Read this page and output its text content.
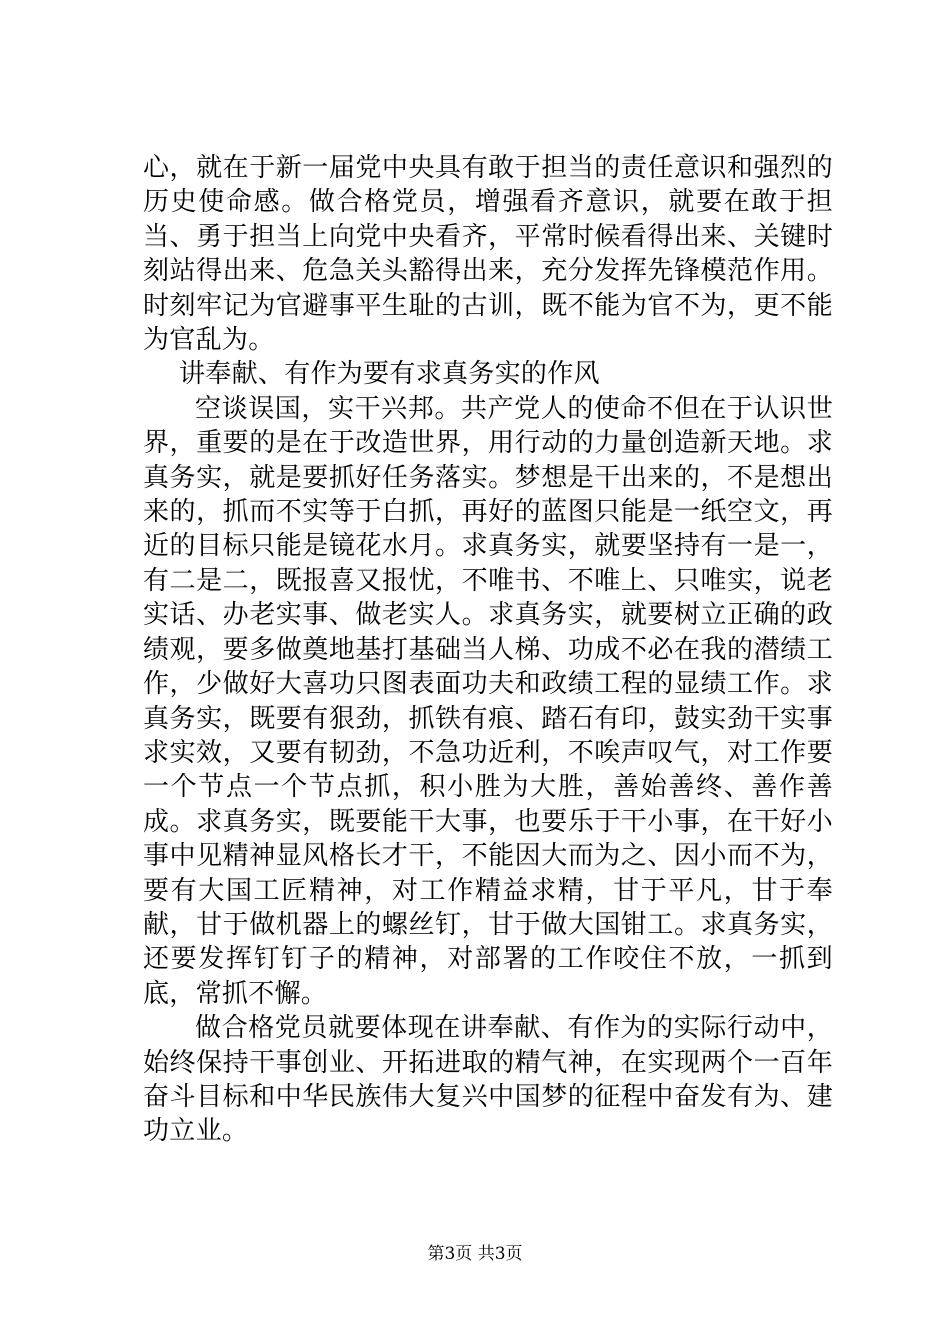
心，就在于新一届党中央具有敢于担当的责任意识和强烈的历史使命感。做合格党员，增强看齐意识，就要在敢于担当、勇于担当上向党中央看齐，平常时候看得出来、关键时刻站得出来、危急关头豁得出来，充分发挥先锋模范作用。时刻牢记为官避事平生耻的古训，既不能为官不为，更不能为官乱为。

讲奉献、有作为要有求真务实的作风

空谈误国，实干兴邦。共产党人的使命不但在于认识世界，重要的是在于改造世界，用行动的力量创造新天地。求真务实，就是要抓好任务落实。梦想是干出来的，不是想出来的，抓而不实等于白抓，再好的蓝图只能是一纸空文，再近的目标只能是镜花水月。求真务实，就要坚持有一是一，有二是二，既报喜又报忧，不唯书、不唯上、只唯实，说老实话、办老实事、做老实人。求真务实，就要树立正确的政绩观，要多做奠地基打基础当人梯、功成不必在我的潜绩工作，少做好大喜功只图表面功夫和政绩工程的显绩工作。求真务实，既要有狠劲，抓铁有痕、踏石有印，鼓实劲干实事求实效，又要有韧劲，不急功近利，不唉声叹气，对工作要一个节点一个节点抓，积小胜为大胜，善始善终、善作善成。求真务实，既要能干大事，也要乐于干小事，在干好小事中见精神显风格长才干，不能因大而为之、因小而不为，要有大国工匠精神，对工作精益求精，甘于平凡，甘于奉献，甘于做机器上的螺丝钉，甘于做大国钳工。求真务实，还要发挥钉钉子的精神，对部署的工作咬住不放，一抓到底，常抓不懈。

做合格党员就要体现在讲奉献、有作为的实际行动中，始终保持干事创业、开拓进取的精气神，在实现两个一百年奋斗目标和中华民族伟大复兴中国梦的征程中奋发有为、建功立业。

第3页 共3页
